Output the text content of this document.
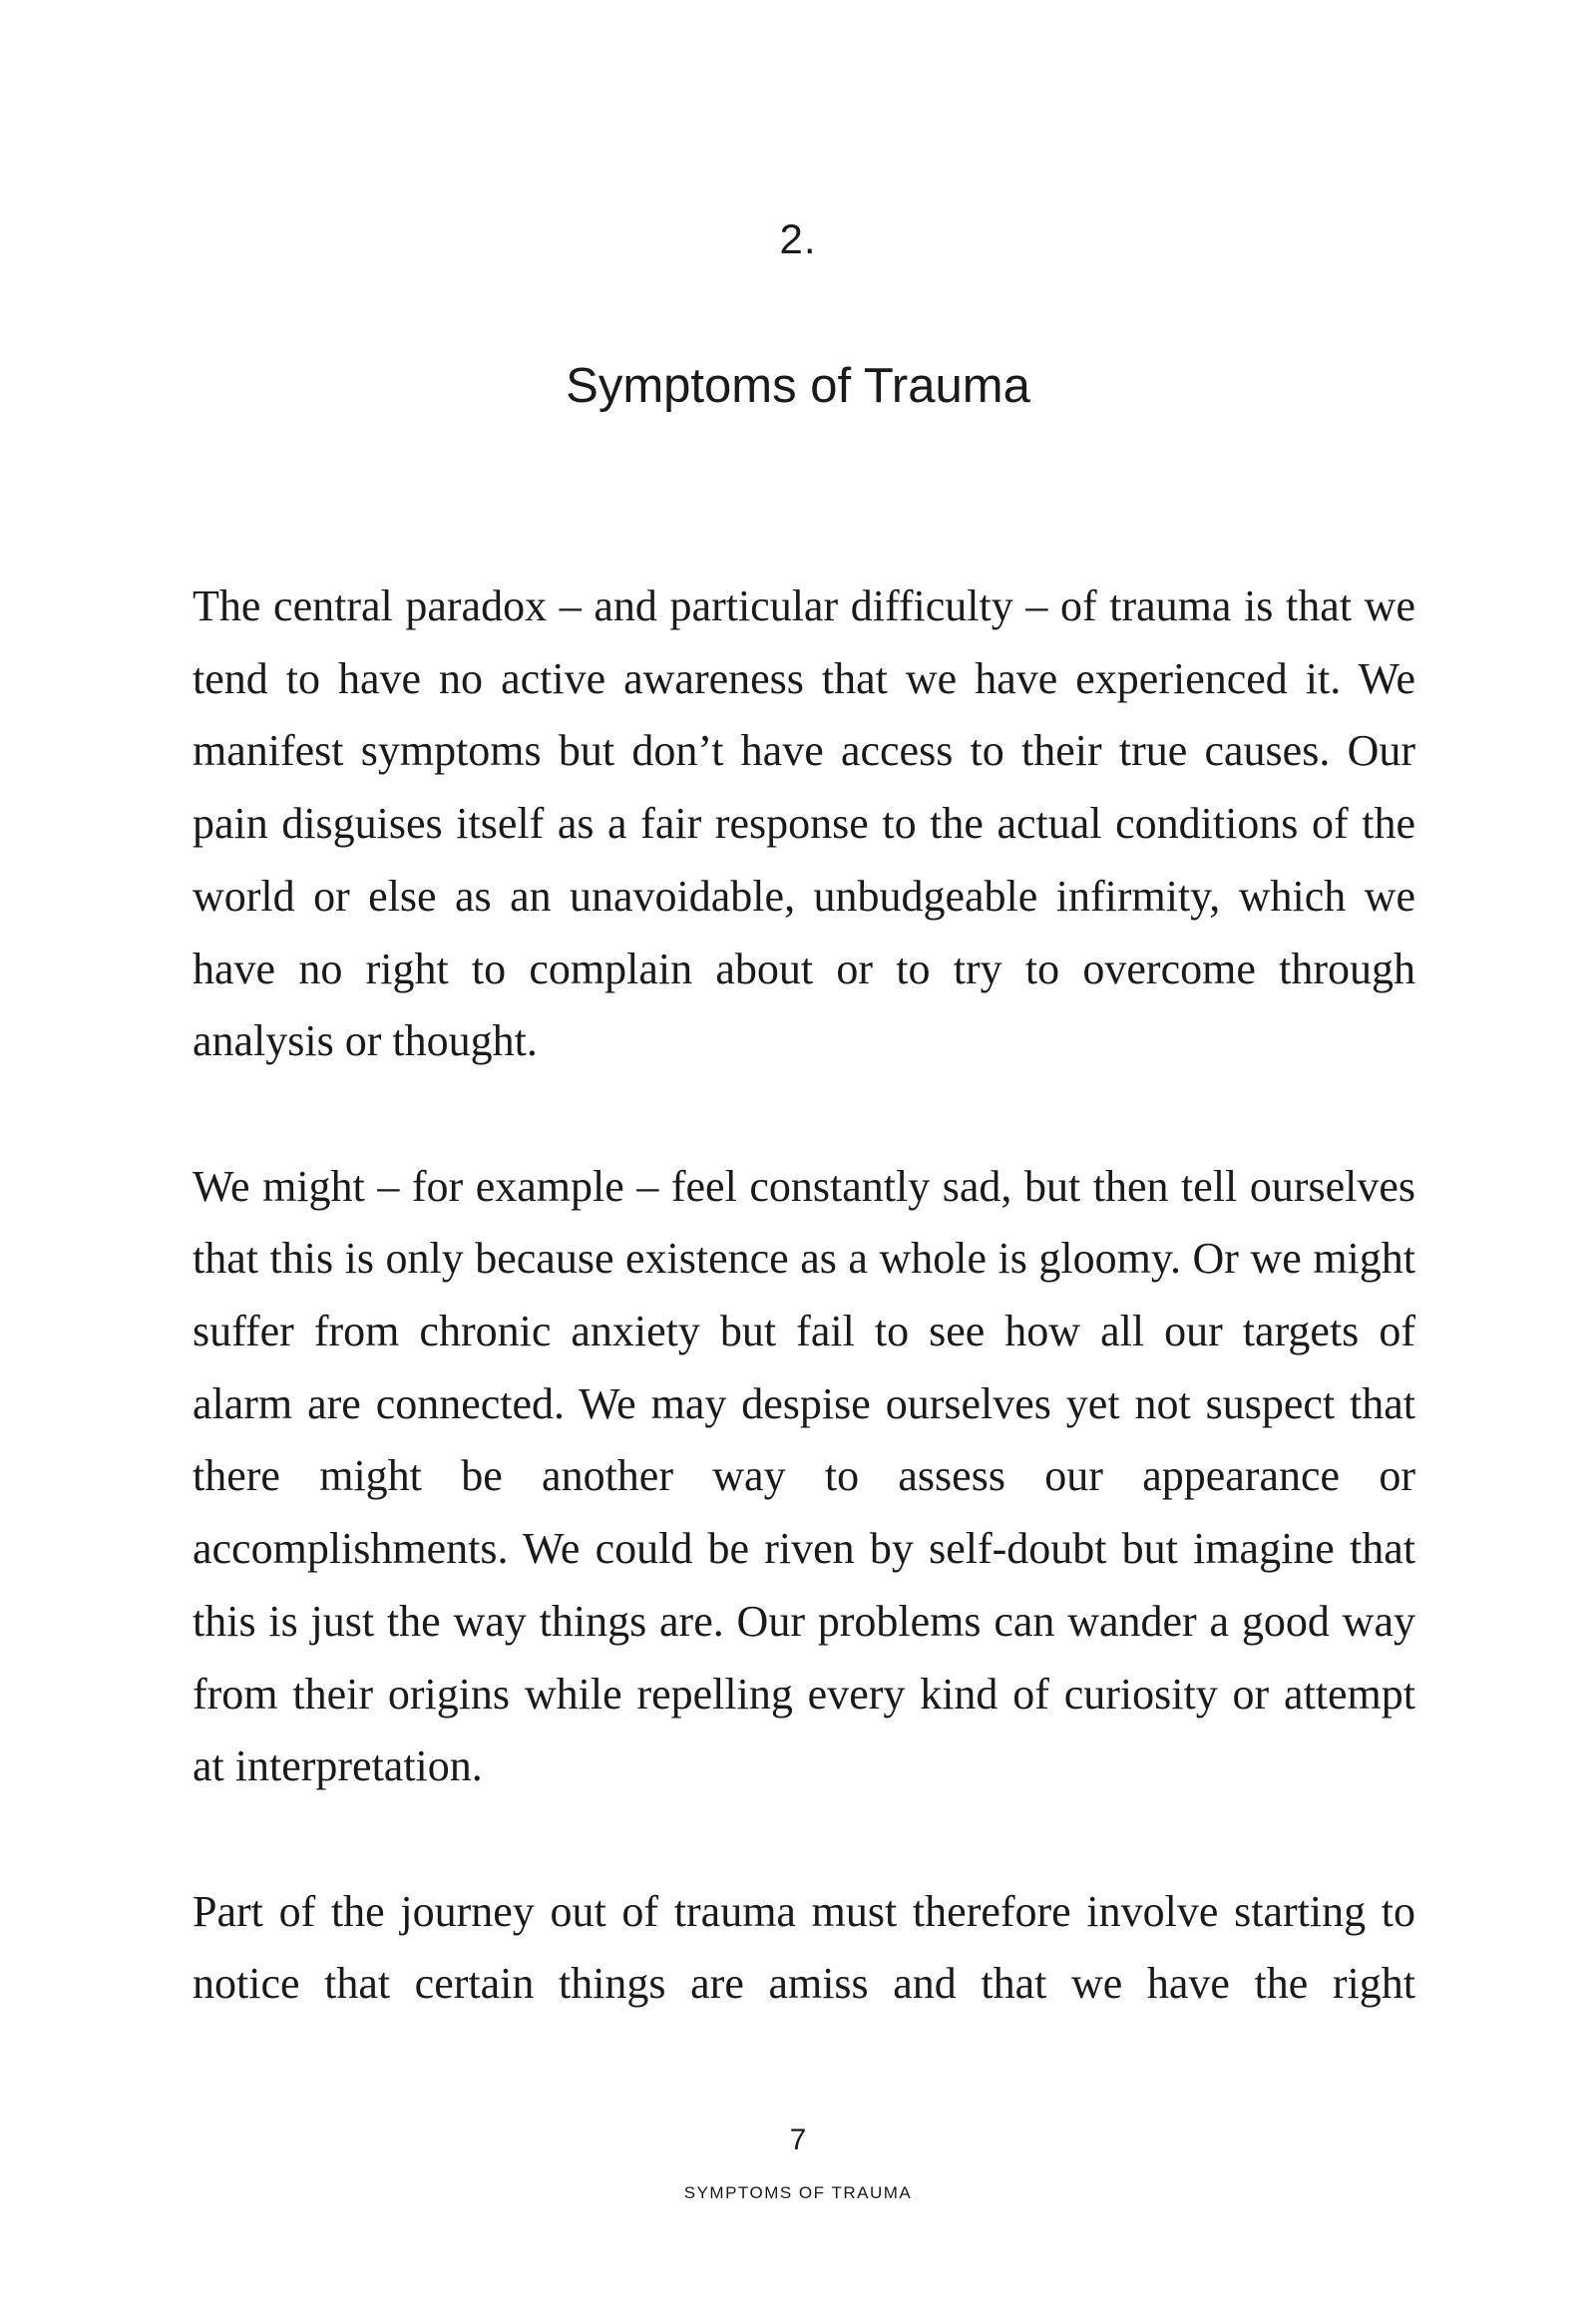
2.
Symptoms of Trauma

The central paradox – and particular difficulty – of trauma is that we tend to have no active awareness that we have experienced it. We manifest symptoms but don’t have access to their true causes. Our pain disguises itself as a fair response to the actual conditions of the world or else as an unavoidable, unbudgeable infirmity, which we have no right to complain about or to try to overcome through analysis or thought.

We might – for example – feel constantly sad, but then tell ourselves that this is only because existence as a whole is gloomy. Or we might suffer from chronic anxiety but fail to see how all our targets of alarm are connected. We may despise ourselves yet not suspect that there might be another way to assess our appearance or accomplishments. We could be riven by self-doubt but imagine that this is just the way things are. Our problems can wander a good way from their origins while repelling every kind of curiosity or attempt at interpretation.

Part of the journey out of trauma must therefore involve starting to notice that certain things are amiss and that we have the right

7
SYMPTOMS OF TRAUMA
